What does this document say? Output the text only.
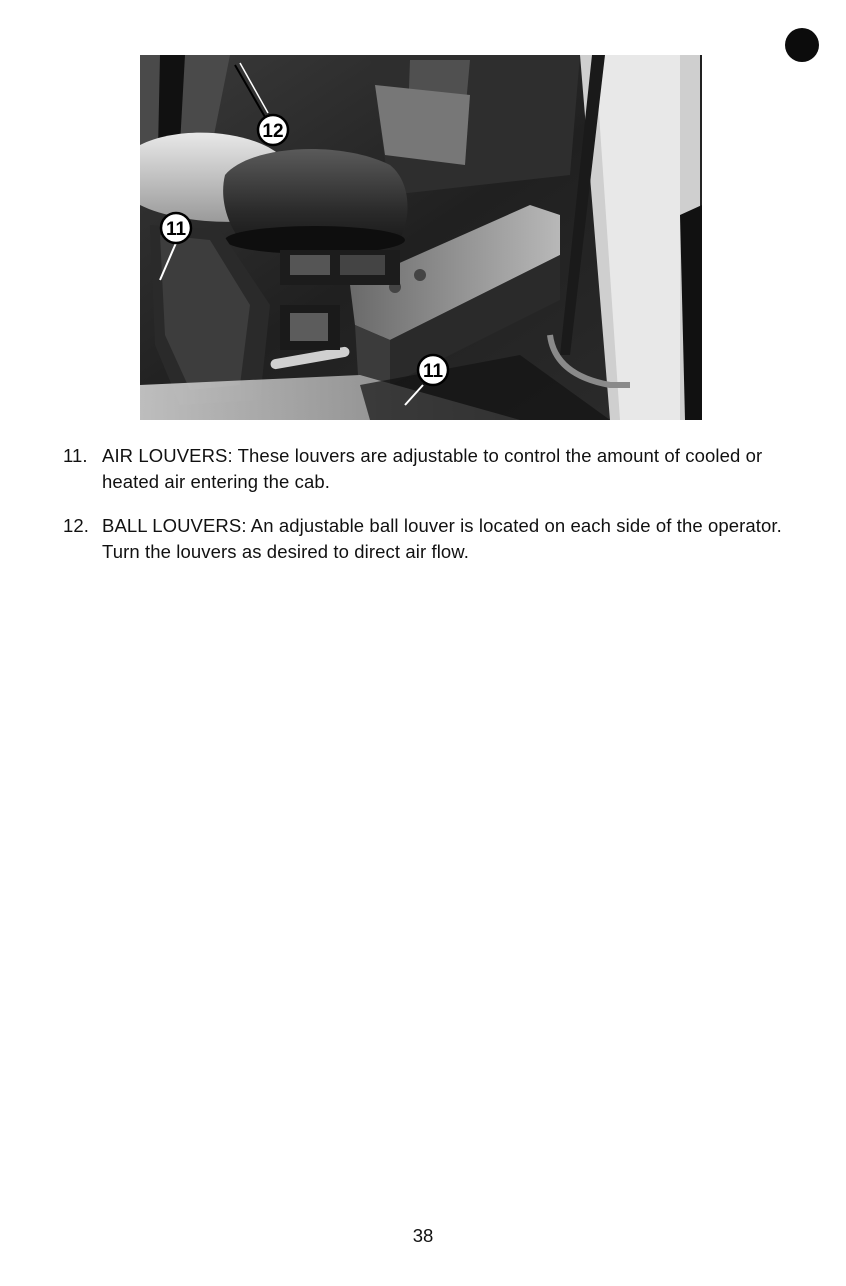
12
11
11
11. AIR LOUVERS: These louvers are adjustable to control the amount of cooled or heated air entering the cab.
12. BALL LOUVERS: An adjustable ball louver is located on each side of the operator. Turn the louvers as desired to direct air flow.
38
